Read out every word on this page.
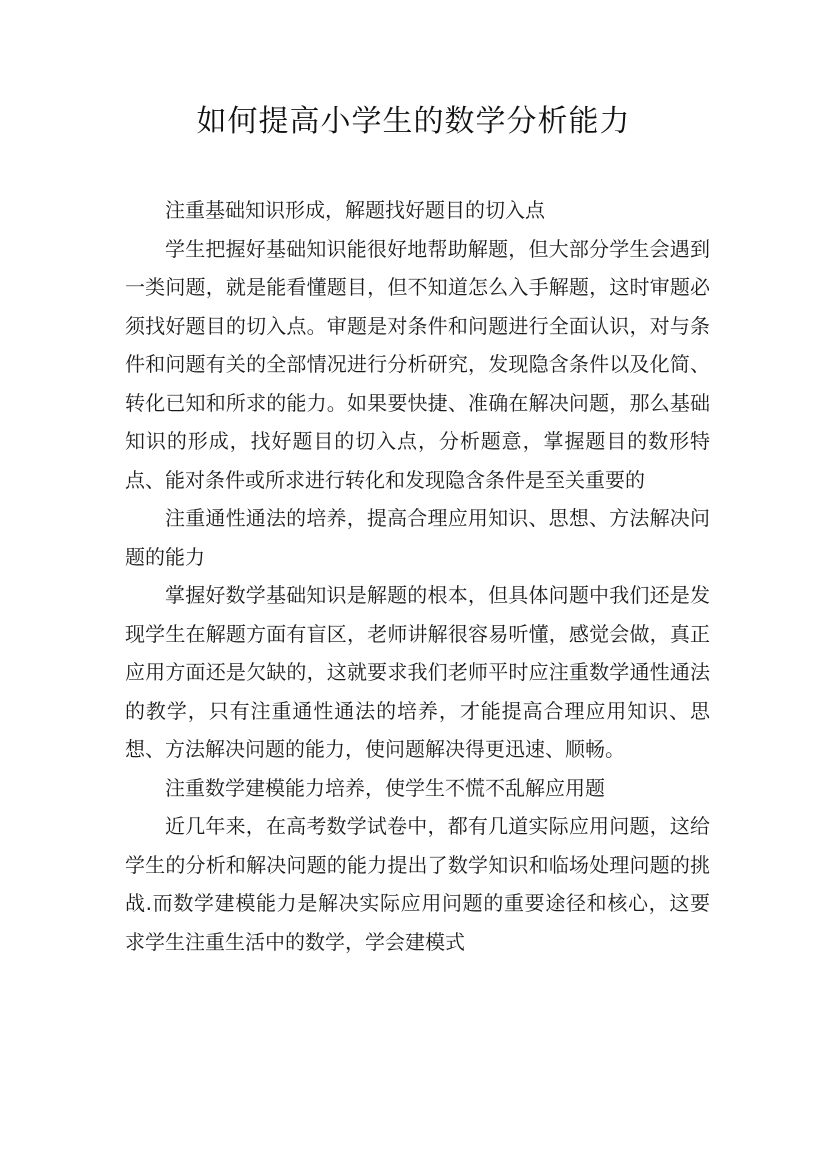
如何提高小学生的数学分析能力

注重基础知识形成，解题找好题目的切入点

学生把握好基础知识能很好地帮助解题，但大部分学生会遇到一类问题，就是能看懂题目，但不知道怎么入手解题，这时审题必须找好题目的切入点。审题是对条件和问题进行全面认识，对与条件和问题有关的全部情况进行分析研究，发现隐含条件以及化简、转化已知和所求的能力。如果要快捷、准确在解决问题，那么基础知识的形成，找好题目的切入点，分析题意，掌握题目的数形特点、能对条件或所求进行转化和发现隐含条件是至关重要的

注重通性通法的培养，提高合理应用知识、思想、方法解决问题的能力

掌握好数学基础知识是解题的根本，但具体问题中我们还是发现学生在解题方面有盲区，老师讲解很容易听懂，感觉会做，真正应用方面还是欠缺的，这就要求我们老师平时应注重数学通性通法的教学，只有注重通性通法的培养，才能提高合理应用知识、思想、方法解决问题的能力，使问题解决得更迅速、顺畅。

注重数学建模能力培养，使学生不慌不乱解应用题

近几年来，在高考数学试卷中，都有几道实际应用问题，这给学生的分析和解决问题的能力提出了数学知识和临场处理问题的挑战.而数学建模能力是解决实际应用问题的重要途径和核心，这要求学生注重生活中的数学，学会建模式
